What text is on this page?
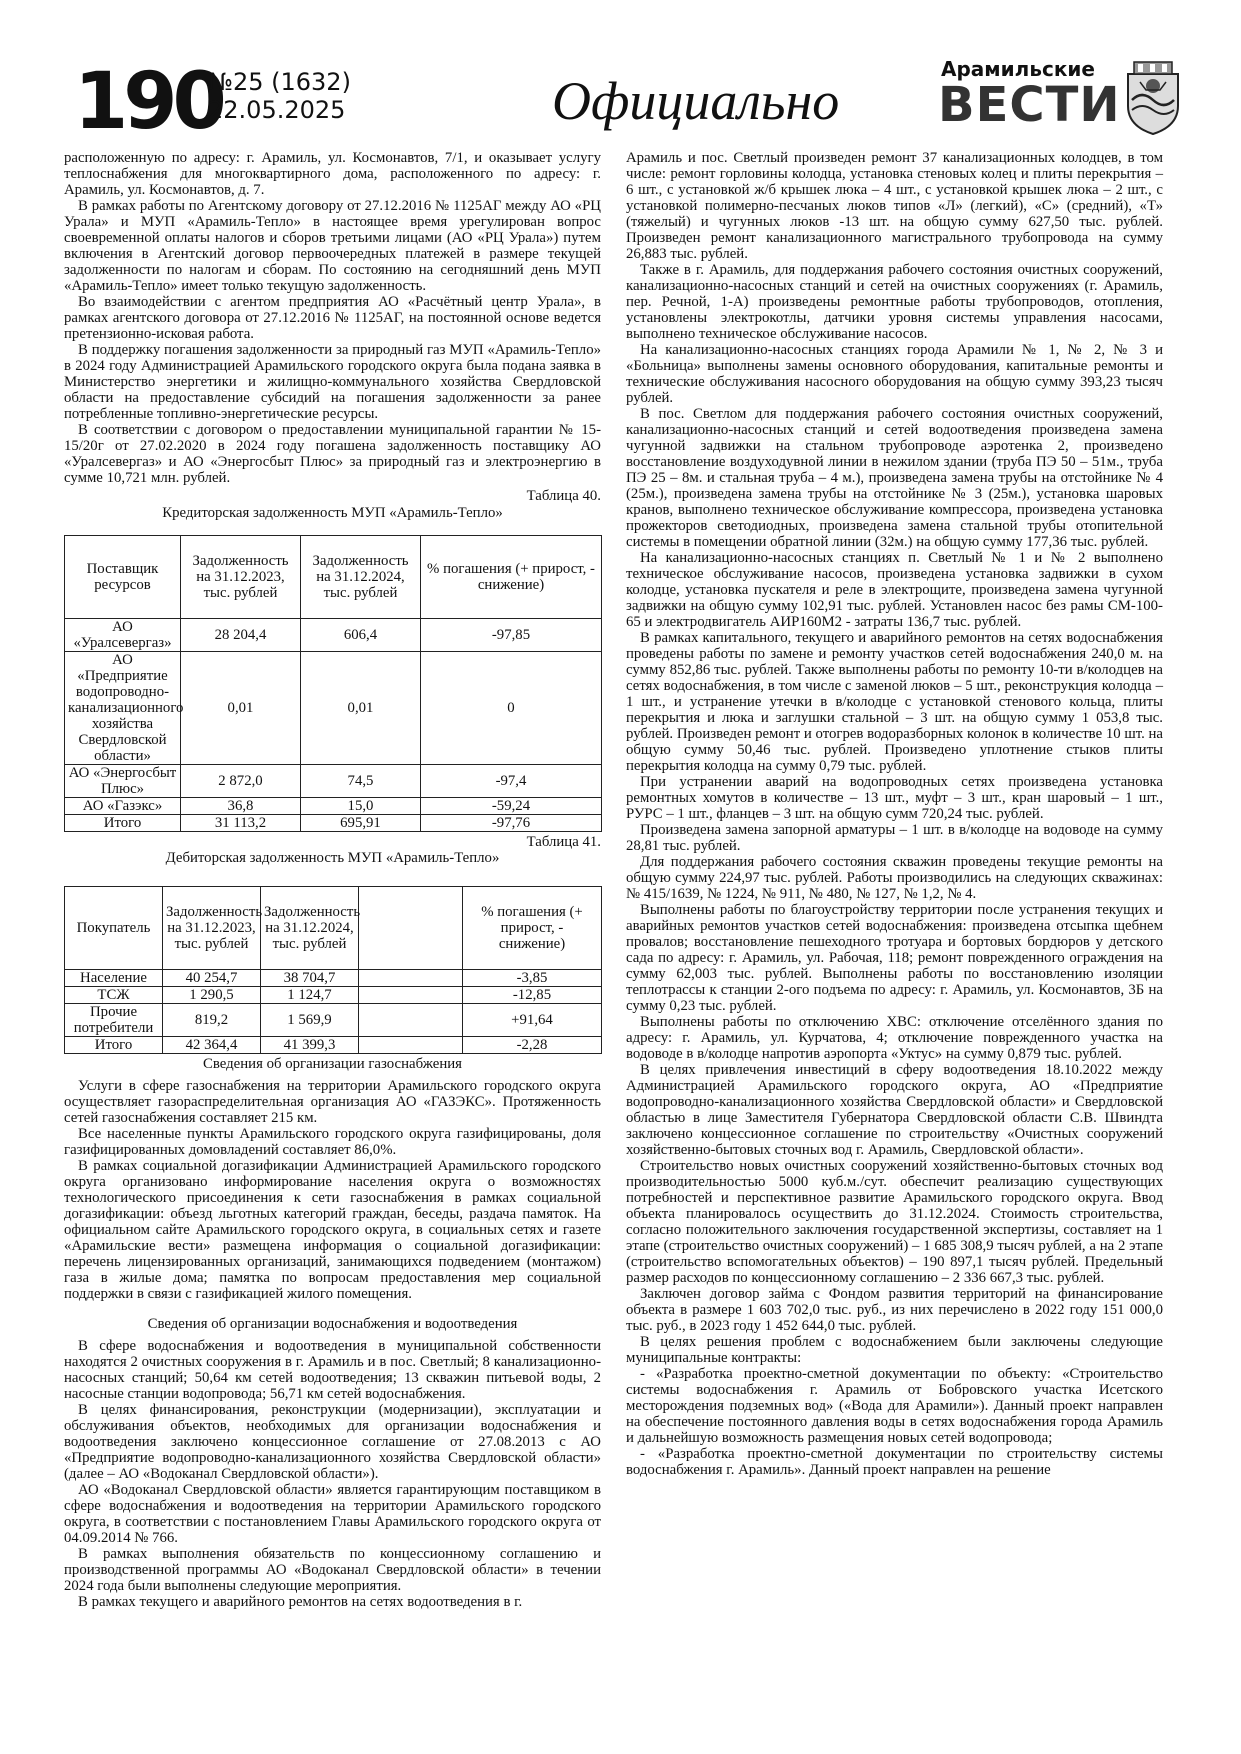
190
№25 (1632)
22.05.2025	Официально
Арамильские
ВЕСТИ

расположенную по адресу: г. Арамиль, ул. Космонавтов, 7/1, и оказывает услугу теплоснабжения для многоквартирного дома, расположенного по адресу: г. Арамиль, ул. Космонавтов, д. 7.

В рамках работы по Агентскому договору от 27.12.2016 № 1125АГ между АО «РЦ Урала» и МУП «Арамиль-Тепло» в настоящее время урегулирован вопрос своевременной оплаты налогов и сборов третьими лицами (АО «РЦ Урала») путем включения в Агентский договор первоочередных платежей в размере текущей задолженности по налогам и сборам. По состоянию на сегодняшний день МУП «Арамиль-Тепло» имеет только текущую задолженность.

Во взаимодействии с агентом предприятия АО «Расчётный центр Урала», в рамках агентского договора от 27.12.2016 № 1125АГ, на постоянной основе ведется претензионно-исковая работа.

В поддержку погашения задолженности за природный газ МУП «Арамиль-Тепло» в 2024 году Администрацией Арамильского городского округа была подана заявка в Министерство энергетики и жилищно-коммунального хозяйства Свердловской области на предоставление субсидий на погашения задолженности за ранее потребленные топливно-энергетические ресурсы.

В соответствии с договором о предоставлении муниципальной гарантии № 15-15/20г от 27.02.2020 в 2024 году погашена задолженность поставщику АО «Уралсевергаз» и АО «Энергосбыт Плюс» за природный газ и электроэнергию в сумме 10,721 млн. рублей.

Таблица 40.
Кредиторская задолженность МУП «Арамиль-Тепло»
Поставщик ресурсов	Задолженность на 31.12.2023, тыс. рублей	Задолженность на 31.12.2024, тыс. рублей	% погашения (+ прирост, - снижение)
АО «Уралсевергаз»	28 204,4	606,4	-97,85
АО «Предприятие водопроводно-канализационного хозяйства Свердловской области»	0,01	0,01	0
АО «Энергосбыт Плюс»	2 872,0	74,5	-97,4
АО «Газэкс»	36,8	15,0	-59,24
Итого	31 113,2	695,91	-97,76
Таблица 41.
Дебиторская задолженность МУП «Арамиль-Тепло»
Покупатель	Задолженность на 31.12.2023, тыс. рублей	Задолженность на 31.12.2024, тыс. рублей		% погашения (+ прирост, - снижение)
Население	40 254,7	38 704,7		-3,85
ТСЖ	1 290,5	1 124,7		-12,85
Прочие потребители	819,2	1 569,9		+91,64
Итого	42 364,4	41 399,3		-2,28

Сведения об организации газоснабжения

Услуги в сфере газоснабжения на территории Арамильского городского округа осуществляет газораспределительная организация АО «ГАЗЭКС». Протяженность сетей газоснабжения составляет 215 км.

Все населенные пункты Арамильского городского округа газифицированы, доля газифицированных домовладений составляет 86,0%.

В рамках социальной догазификации Администрацией Арамильского городского округа организовано информирование населения округа о возможностях технологического присоединения к сети газоснабжения в рамках социальной догазификации: объезд льготных категорий граждан, беседы, раздача памяток. На официальном сайте Арамильского городского округа, в социальных сетях и газете «Арамильские вести» размещена информация о социальной догазификации: перечень лицензированных организаций, занимающихся подведением (монтажом) газа в жилые дома; памятка по вопросам предоставления мер социальной поддержки в связи с газификацией жилого помещения.

Сведения об организации водоснабжения и водоотведения

В сфере водоснабжения и водоотведения в муниципальной собственности находятся 2 очистных сооружения в г. Арамиль и в пос. Светлый; 8 канализационно-насосных станций; 50,64 км сетей водоотведения; 13 скважин питьевой воды, 2 насосные станции водопровода; 56,71 км сетей водоснабжения.

В целях финансирования, реконструкции (модернизации), эксплуатации и обслуживания объектов, необходимых для организации водоснабжения и водоотведения заключено концессионное соглашение от 27.08.2013 с АО «Предприятие водопроводно-канализационного хозяйства Свердловской области» (далее – АО «Водоканал Свердловской области»).

АО «Водоканал Свердловской области» является гарантирующим поставщиком в сфере водоснабжения и водоотведения на территории Арамильского городского округа, в соответствии с постановлением Главы Арамильского городского округа от 04.09.2014 № 766.

В рамках выполнения обязательств по концессионному соглашению и производственной программы АО «Водоканал Свердловской области» в течении 2024 года были выполнены следующие мероприятия.

В рамках текущего и аварийного ремонтов на сетях водоотведения в г.

Арамиль и пос. Светлый произведен ремонт 37 канализационных колодцев, в том числе: ремонт горловины колодца, установка стеновых колец и плиты перекрытия – 6 шт., с установкой ж/б крышек люка – 4 шт., с установкой крышек люка – 2 шт., с установкой полимерно-песчаных люков типов «Л» (легкий), «С» (средний), «Т» (тяжелый) и чугунных люков -13 шт. на общую сумму 627,50 тыс. рублей. Произведен ремонт канализационного магистрального трубопровода на сумму 26,883 тыс. рублей.

Также в г. Арамиль, для поддержания рабочего состояния очистных сооружений, канализационно-насосных станций и сетей на очистных сооружениях (г. Арамиль, пер. Речной, 1-А) произведены ремонтные работы трубопроводов, отопления, установлены электрокотлы, датчики уровня системы управления насосами, выполнено техническое обслуживание насосов.

На канализационно-насосных станциях города Арамили № 1, № 2, № 3 и «Больница» выполнены замены основного оборудования, капитальные ремонты и технические обслуживания насосного оборудования на общую сумму 393,23 тысяч рублей.

В пос. Светлом для поддержания рабочего состояния очистных сооружений, канализационно-насосных станций и сетей водоотведения произведена замена чугунной задвижки на стальном трубопроводе аэротенка 2, произведено восстановление воздуходувной линии в нежилом здании (труба ПЭ 50 – 51м., труба ПЭ 25 – 8м. и стальная труба – 4 м.), произведена замена трубы на отстойнике № 4 (25м.), произведена замена трубы на отстойнике № 3 (25м.), установка шаровых кранов, выполнено техническое обслуживание компрессора, произведена установка прожекторов светодиодных, произведена замена стальной трубы отопительной системы в помещении обратной линии (32м.) на общую сумму 177,36 тыс. рублей.

На канализационно-насосных станциях п. Светлый № 1 и № 2 выполнено техническое обслуживание насосов, произведена установка задвижки в сухом колодце, установка пускателя и реле в электрощите, произведена замена чугунной задвижки на общую сумму 102,91 тыс. рублей. Установлен насос без рамы СМ-100-65 и электродвигатель АИР160М2 - затраты 136,7 тыс. рублей.

В рамках капитального, текущего и аварийного ремонтов на сетях водоснабжения проведены работы по замене и ремонту участков сетей водоснабжения 240,0 м. на сумму 852,86 тыс. рублей. Также выполнены работы по ремонту 10-ти в/колодцев на сетях водоснабжения, в том числе с заменой люков – 5 шт., реконструкция колодца – 1 шт., и устранение утечки в в/колодце с установкой стенового кольца, плиты перекрытия и люка и заглушки стальной – 3 шт. на общую сумму 1 053,8 тыс. рублей. Произведен ремонт и отогрев водоразборных колонок в количестве 10 шт. на общую сумму 50,46 тыс. рублей. Произведено уплотнение стыков плиты перекрытия колодца на сумму 0,79 тыс. рублей.

При устранении аварий на водопроводных сетях произведена установка ремонтных хомутов в количестве – 13 шт., муфт – 3 шт., кран шаровый – 1 шт., РУРС – 1 шт., фланцев – 3 шт. на общую сумм 720,24 тыс. рублей.

Произведена замена запорной арматуры – 1 шт. в в/колодце на водоводе на сумму 28,81 тыс. рублей.

Для поддержания рабочего состояния скважин проведены текущие ремонты на общую сумму 224,97 тыс. рублей. Работы производились на следующих скважинах: № 415/1639, № 1224, № 911, № 480, № 127, № 1,2, № 4.

Выполнены работы по благоустройству территории после устранения текущих и аварийных ремонтов участков сетей водоснабжения: произведена отсыпка щебнем провалов; восстановление пешеходного тротуара и бортовых бордюров у детского сада по адресу: г. Арамиль, ул. Рабочая, 118; ремонт поврежденного ограждения на сумму 62,003 тыс. рублей. Выполнены работы по восстановлению изоляции теплотрассы к станции 2-ого подъема по адресу: г. Арамиль, ул. Космонавтов, 3Б на сумму 0,23 тыс. рублей.

Выполнены работы по отключению ХВС: отключение отселённого здания по адресу: г. Арамиль, ул. Курчатова, 4; отключение поврежденного участка на водоводе в в/колодце напротив аэропорта «Уктус» на сумму 0,879 тыс. рублей.

В целях привлечения инвестиций в сферу водоотведения 18.10.2022 между Администрацией Арамильского городского округа, АО «Предприятие водопроводно-канализационного хозяйства Свердловской области» и Свердловской областью в лице Заместителя Губернатора Свердловской области С.В. Швиндта заключено концессионное соглашение по строительству «Очистных сооружений хозяйственно-бытовых сточных вод г. Арамиль, Свердловской области».

Строительство новых очистных сооружений хозяйственно-бытовых сточных вод производительностью 5000 куб.м./сут. обеспечит реализацию существующих потребностей и перспективное развитие Арамильского городского округа. Ввод объекта планировалось осуществить до 31.12.2024. Стоимость строительства, согласно положительного заключения государственной экспертизы, составляет на 1 этапе (строительство очистных сооружений) – 1 685 308,9 тысяч рублей, а на 2 этапе (строительство вспомогательных объектов) – 190 897,1 тысяч рублей. Предельный размер расходов по концессионному соглашению – 2 336 667,3 тыс. рублей.

Заключен договор займа с Фондом развития территорий на финансирование объекта в размере 1 603 702,0 тыс. руб., из них перечислено в 2022 году 151 000,0 тыс. руб., в 2023 году 1 452 644,0 тыс. рублей.

В целях решения проблем с водоснабжением были заключены следующие муниципальные контракты:

- «Разработка проектно-сметной документации по объекту: «Строительство системы водоснабжения г. Арамиль от Бобровского участка Исетского месторождения подземных вод» («Вода для Арамили»). Данный проект направлен на обеспечение постоянного давления воды в сетях водоснабжения города Арамиль и дальнейшую возможность размещения новых сетей водопровода;

- «Разработка проектно-сметной документации по строительству системы водоснабжения г. Арамиль». Данный проект направлен на решение
